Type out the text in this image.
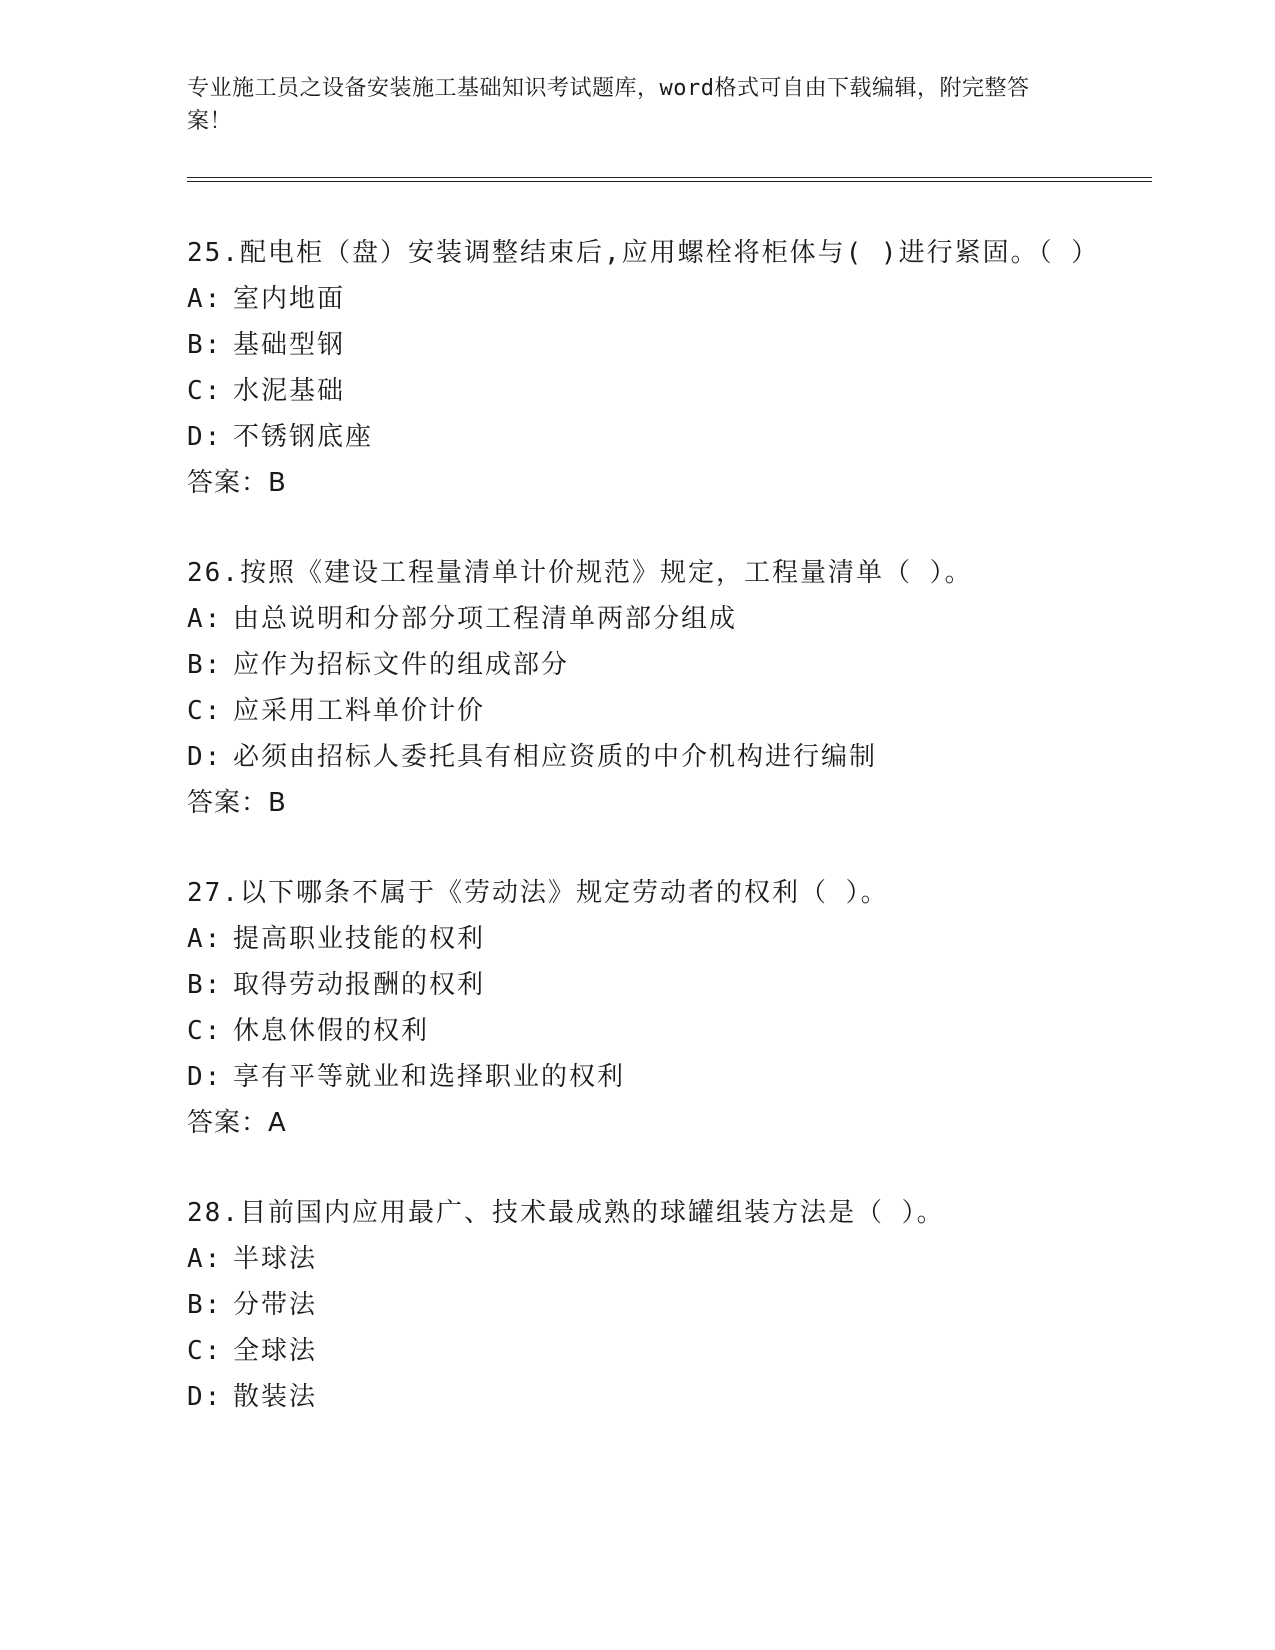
专业施工员之设备安装施工基础知识考试题库，word格式可自由下载编辑，附完整答案！
25.配电柜（盘）安装调整结束后,应用螺栓将柜体与( )进行紧固。（ ）
A: 室内地面
B: 基础型钢
C: 水泥基础
D: 不锈钢底座
答案：B
26.按照《建设工程量清单计价规范》规定，工程量清单（ ）。
A: 由总说明和分部分项工程清单两部分组成
B: 应作为招标文件的组成部分
C: 应采用工料单价计价
D: 必须由招标人委托具有相应资质的中介机构进行编制
答案：B
27.以下哪条不属于《劳动法》规定劳动者的权利（ ）。
A: 提高职业技能的权利
B: 取得劳动报酬的权利
C: 休息休假的权利
D: 享有平等就业和选择职业的权利
答案：A
28.目前国内应用最广、技术最成熟的球罐组装方法是（ ）。
A: 半球法
B: 分带法
C: 全球法
D: 散装法
